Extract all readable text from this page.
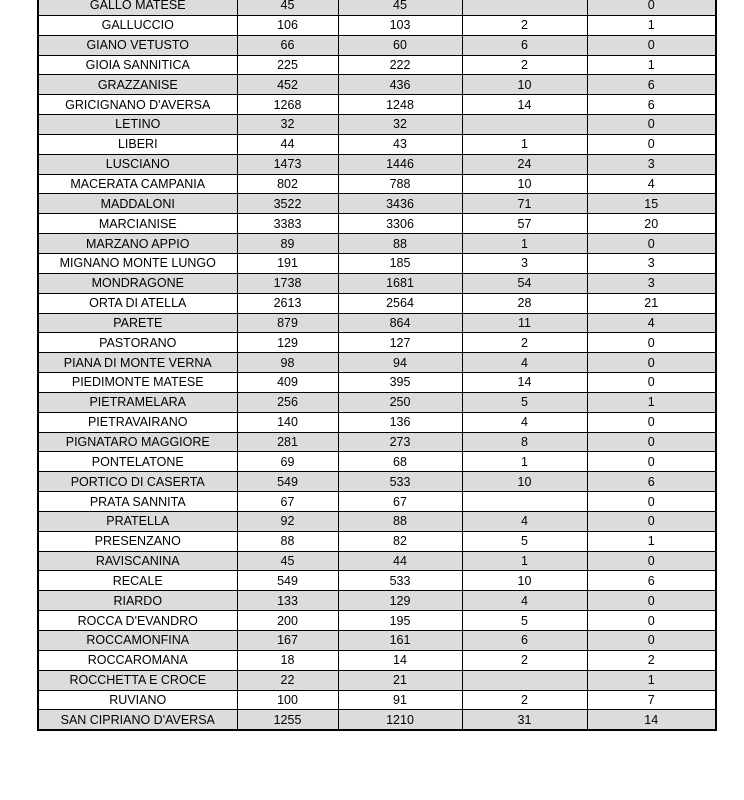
GALLO MATESE	45	45		0
GALLUCCIO	106	103	2	1
GIANO VETUSTO	66	60	6	0
GIOIA SANNITICA	225	222	2	1
GRAZZANISE	452	436	10	6
GRICIGNANO D'AVERSA	1268	1248	14	6
LETINO	32	32		0
LIBERI	44	43	1	0
LUSCIANO	1473	1446	24	3
MACERATA CAMPANIA	802	788	10	4
MADDALONI	3522	3436	71	15
MARCIANISE	3383	3306	57	20
MARZANO APPIO	89	88	1	0
MIGNANO MONTE LUNGO	191	185	3	3
MONDRAGONE	1738	1681	54	3
ORTA DI ATELLA	2613	2564	28	21
PARETE	879	864	11	4
PASTORANO	129	127	2	0
PIANA DI MONTE VERNA	98	94	4	0
PIEDIMONTE MATESE	409	395	14	0
PIETRAMELARA	256	250	5	1
PIETRAVAIRANO	140	136	4	0
PIGNATARO MAGGIORE	281	273	8	0
PONTELATONE	69	68	1	0
PORTICO DI CASERTA	549	533	10	6
PRATA SANNITA	67	67		0
PRATELLA	92	88	4	0
PRESENZANO	88	82	5	1
RAVISCANINA	45	44	1	0
RECALE	549	533	10	6
RIARDO	133	129	4	0
ROCCA D'EVANDRO	200	195	5	0
ROCCAMONFINA	167	161	6	0
ROCCAROMANA	18	14	2	2
ROCCHETTA E CROCE	22	21		1
RUVIANO	100	91	2	7
SAN CIPRIANO D'AVERSA	1255	1210	31	14
